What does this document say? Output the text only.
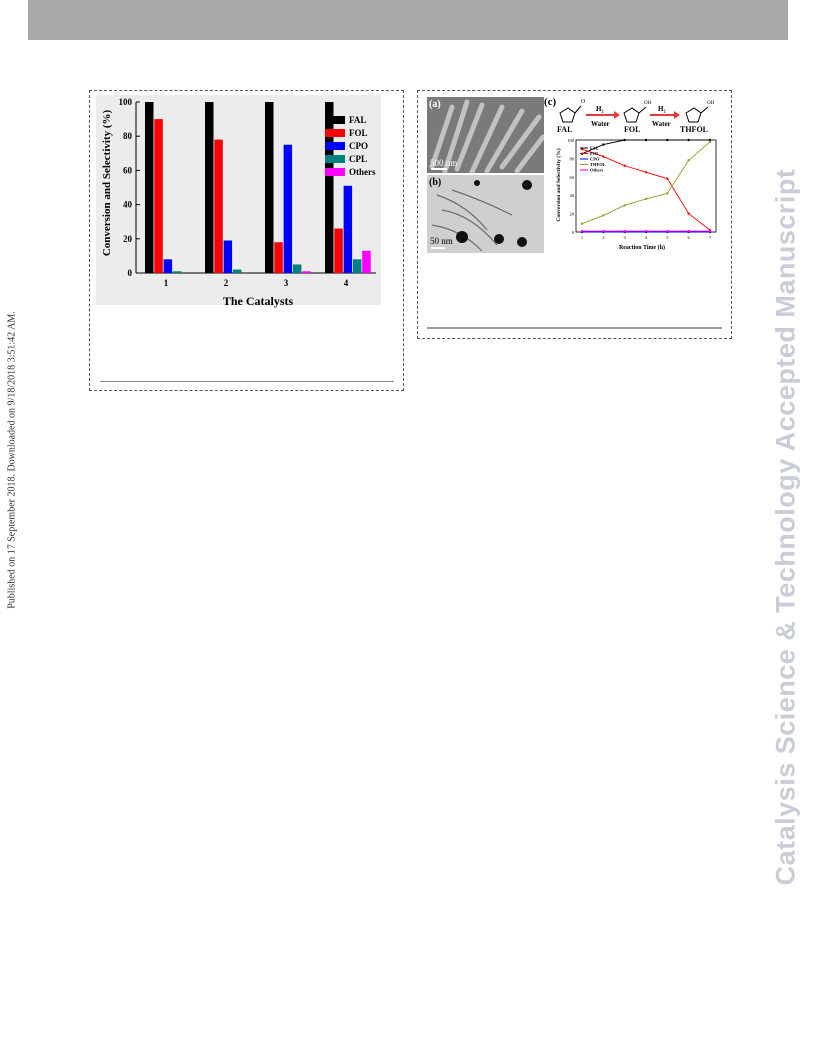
Published on 17 September 2018. Downloaded on 9/18/2018 3:51:42 AM.	Catalysis Science & Technology Accepted Manuscript
0
20
40
60
80
100
1	2	3	4
FAL
FOL
CPO
CPL
Others
The Catalysts
Conversion and Selectivity (%)
(a)
500 nm
(b)
50 nm
(c)	O
FAL
H₂
Water
OH
FOL
H₂
Water
OH
THFOL
0
20
40
60
80
100
1	2	3	4	5	6	7
FAL
FOL
CPO
THFOL
Others
Reaction Time (h)
Conversion and Selectivity (%)
